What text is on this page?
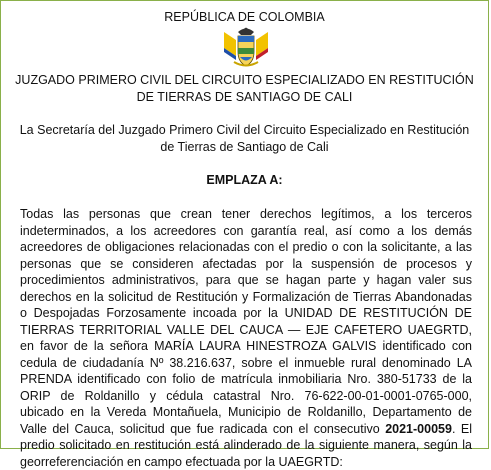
REPÚBLICA DE COLOMBIA
JUZGADO PRIMERO CIVIL DEL CIRCUITO ESPECIALIZADO EN RESTITUCIÓN
DE TIERRAS DE SANTIAGO DE CALI
La Secretaría del Juzgado Primero Civil del Circuito Especializado en Restitución
de Tierras de Santiago de Cali
EMPLAZA A:

Todas las personas que crean tener derechos legítimos, a los terceros indeterminados, a los acreedores con garantía real, así como a los demás acreedores de obligaciones relacionadas con el predio o con la solicitante, a las personas que se consideren afectadas por la suspensión de procesos y procedimientos administrativos, para que se hagan parte y hagan valer sus derechos en la solicitud de Restitución y Formalización de Tierras Abandonadas o Despojadas Forzosamente incoada por la UNIDAD DE RESTITUCIÓN DE TIERRAS TERRITORIAL VALLE DEL CAUCA — EJE CAFETERO UAEGRTD, en favor de la señora MARÍA LAURA HINESTROZA GALVIS identificado con cedula de ciudadanía Nº 38.216.637, sobre el inmueble rural denominado LA PRENDA identificado con folio de matrícula inmobiliaria Nro. 380-51733 de la ORIP de Roldanillo y cédula catastral Nro. 76-622-00-01-0001-0765-000, ubicado en la Vereda Montañuela, Municipio de Roldanillo, Departamento de Valle del Cauca, solicitud que fue radicada con el consecutivo 2021-00059. El predio solicitado en restitución está alinderado de la siguiente manera, según la georreferenciación en campo efectuada por la UAEGRTD:
